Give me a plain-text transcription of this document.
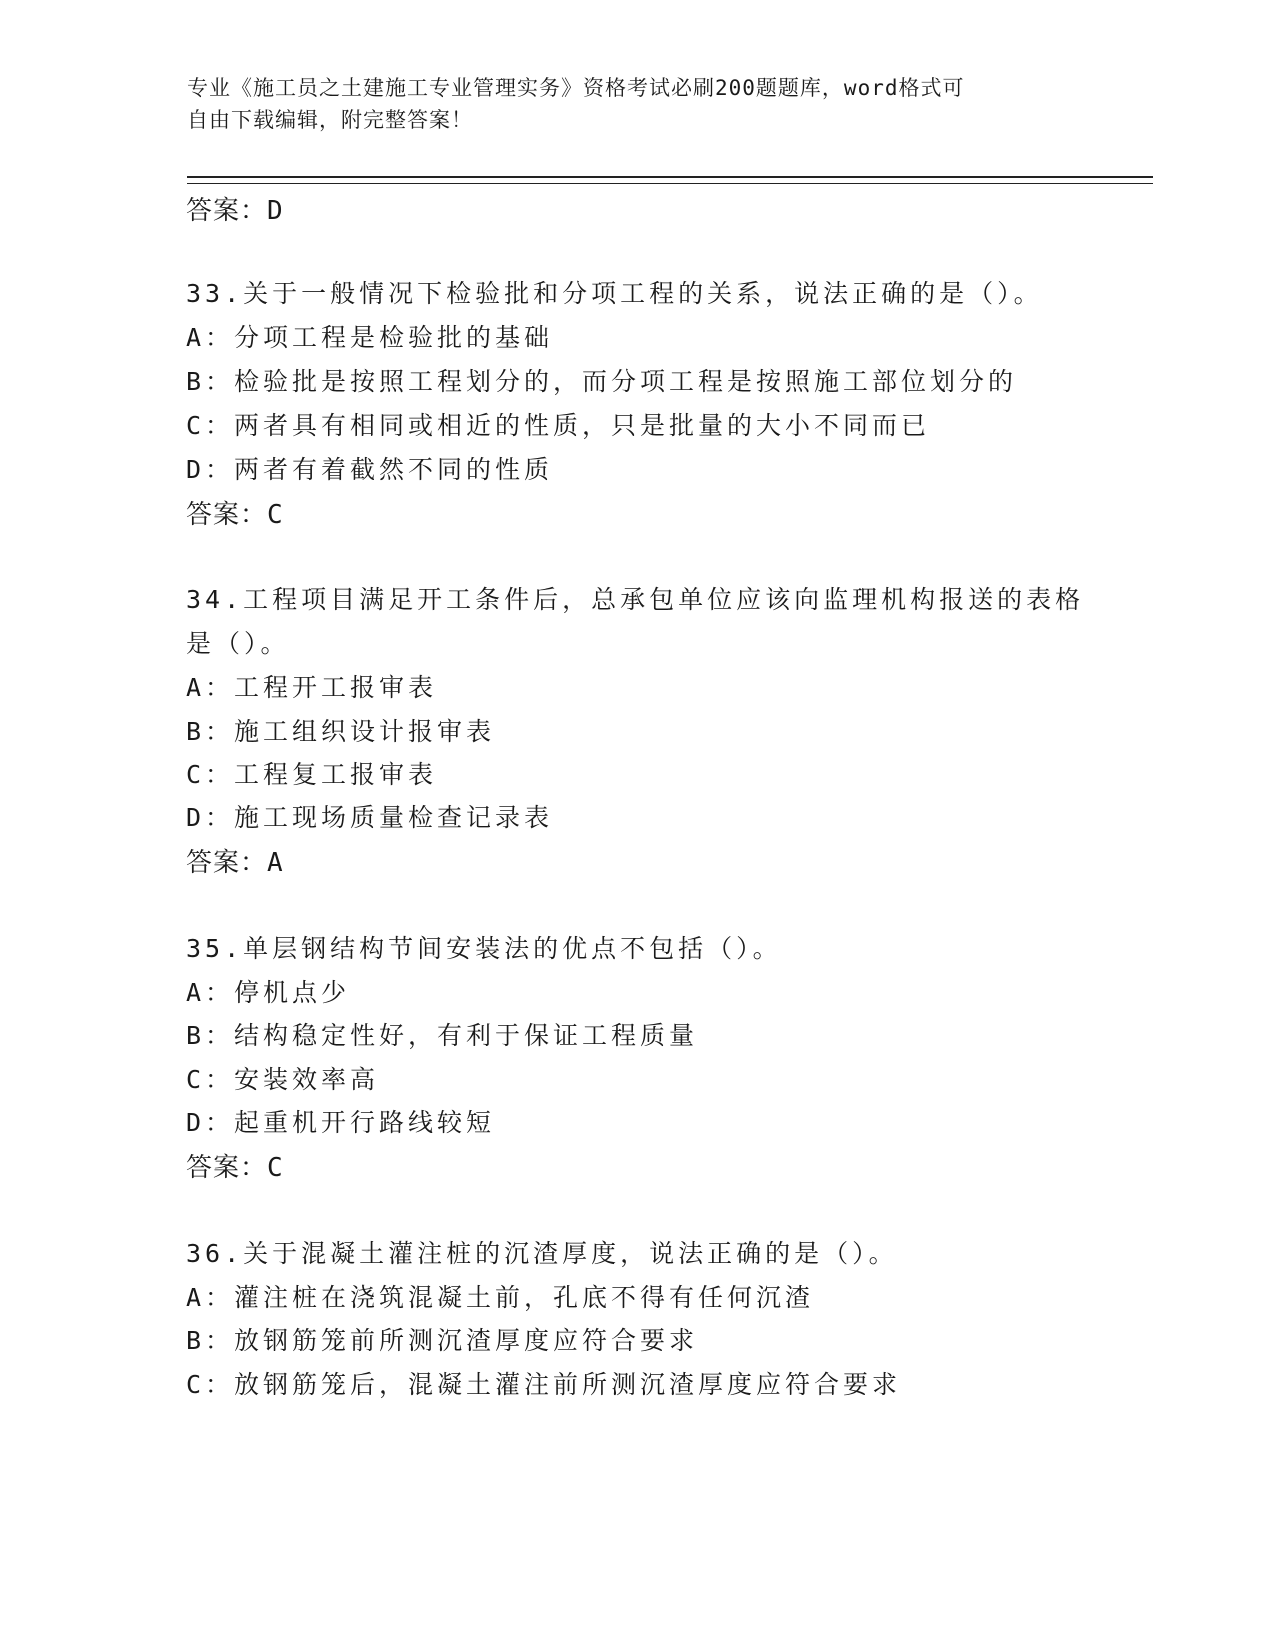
专业《施工员之土建施工专业管理实务》资格考试必刷200题题库，word格式可
自由下载编辑，附完整答案！
答案：D
33.关于一般情况下检验批和分项工程的关系，说法正确的是（）。
A：分项工程是检验批的基础
B：检验批是按照工程划分的，而分项工程是按照施工部位划分的
C：两者具有相同或相近的性质，只是批量的大小不同而已
D：两者有着截然不同的性质
答案：C
34.工程项目满足开工条件后，总承包单位应该向监理机构报送的表格
是（）。
A：工程开工报审表
B：施工组织设计报审表
C：工程复工报审表
D：施工现场质量检查记录表
答案：A
35.单层钢结构节间安装法的优点不包括（）。
A：停机点少
B：结构稳定性好，有利于保证工程质量
C：安装效率高
D：起重机开行路线较短
答案：C
36.关于混凝土灌注桩的沉渣厚度，说法正确的是（）。
A：灌注桩在浇筑混凝土前，孔底不得有任何沉渣
B：放钢筋笼前所测沉渣厚度应符合要求
C：放钢筋笼后，混凝土灌注前所测沉渣厚度应符合要求
